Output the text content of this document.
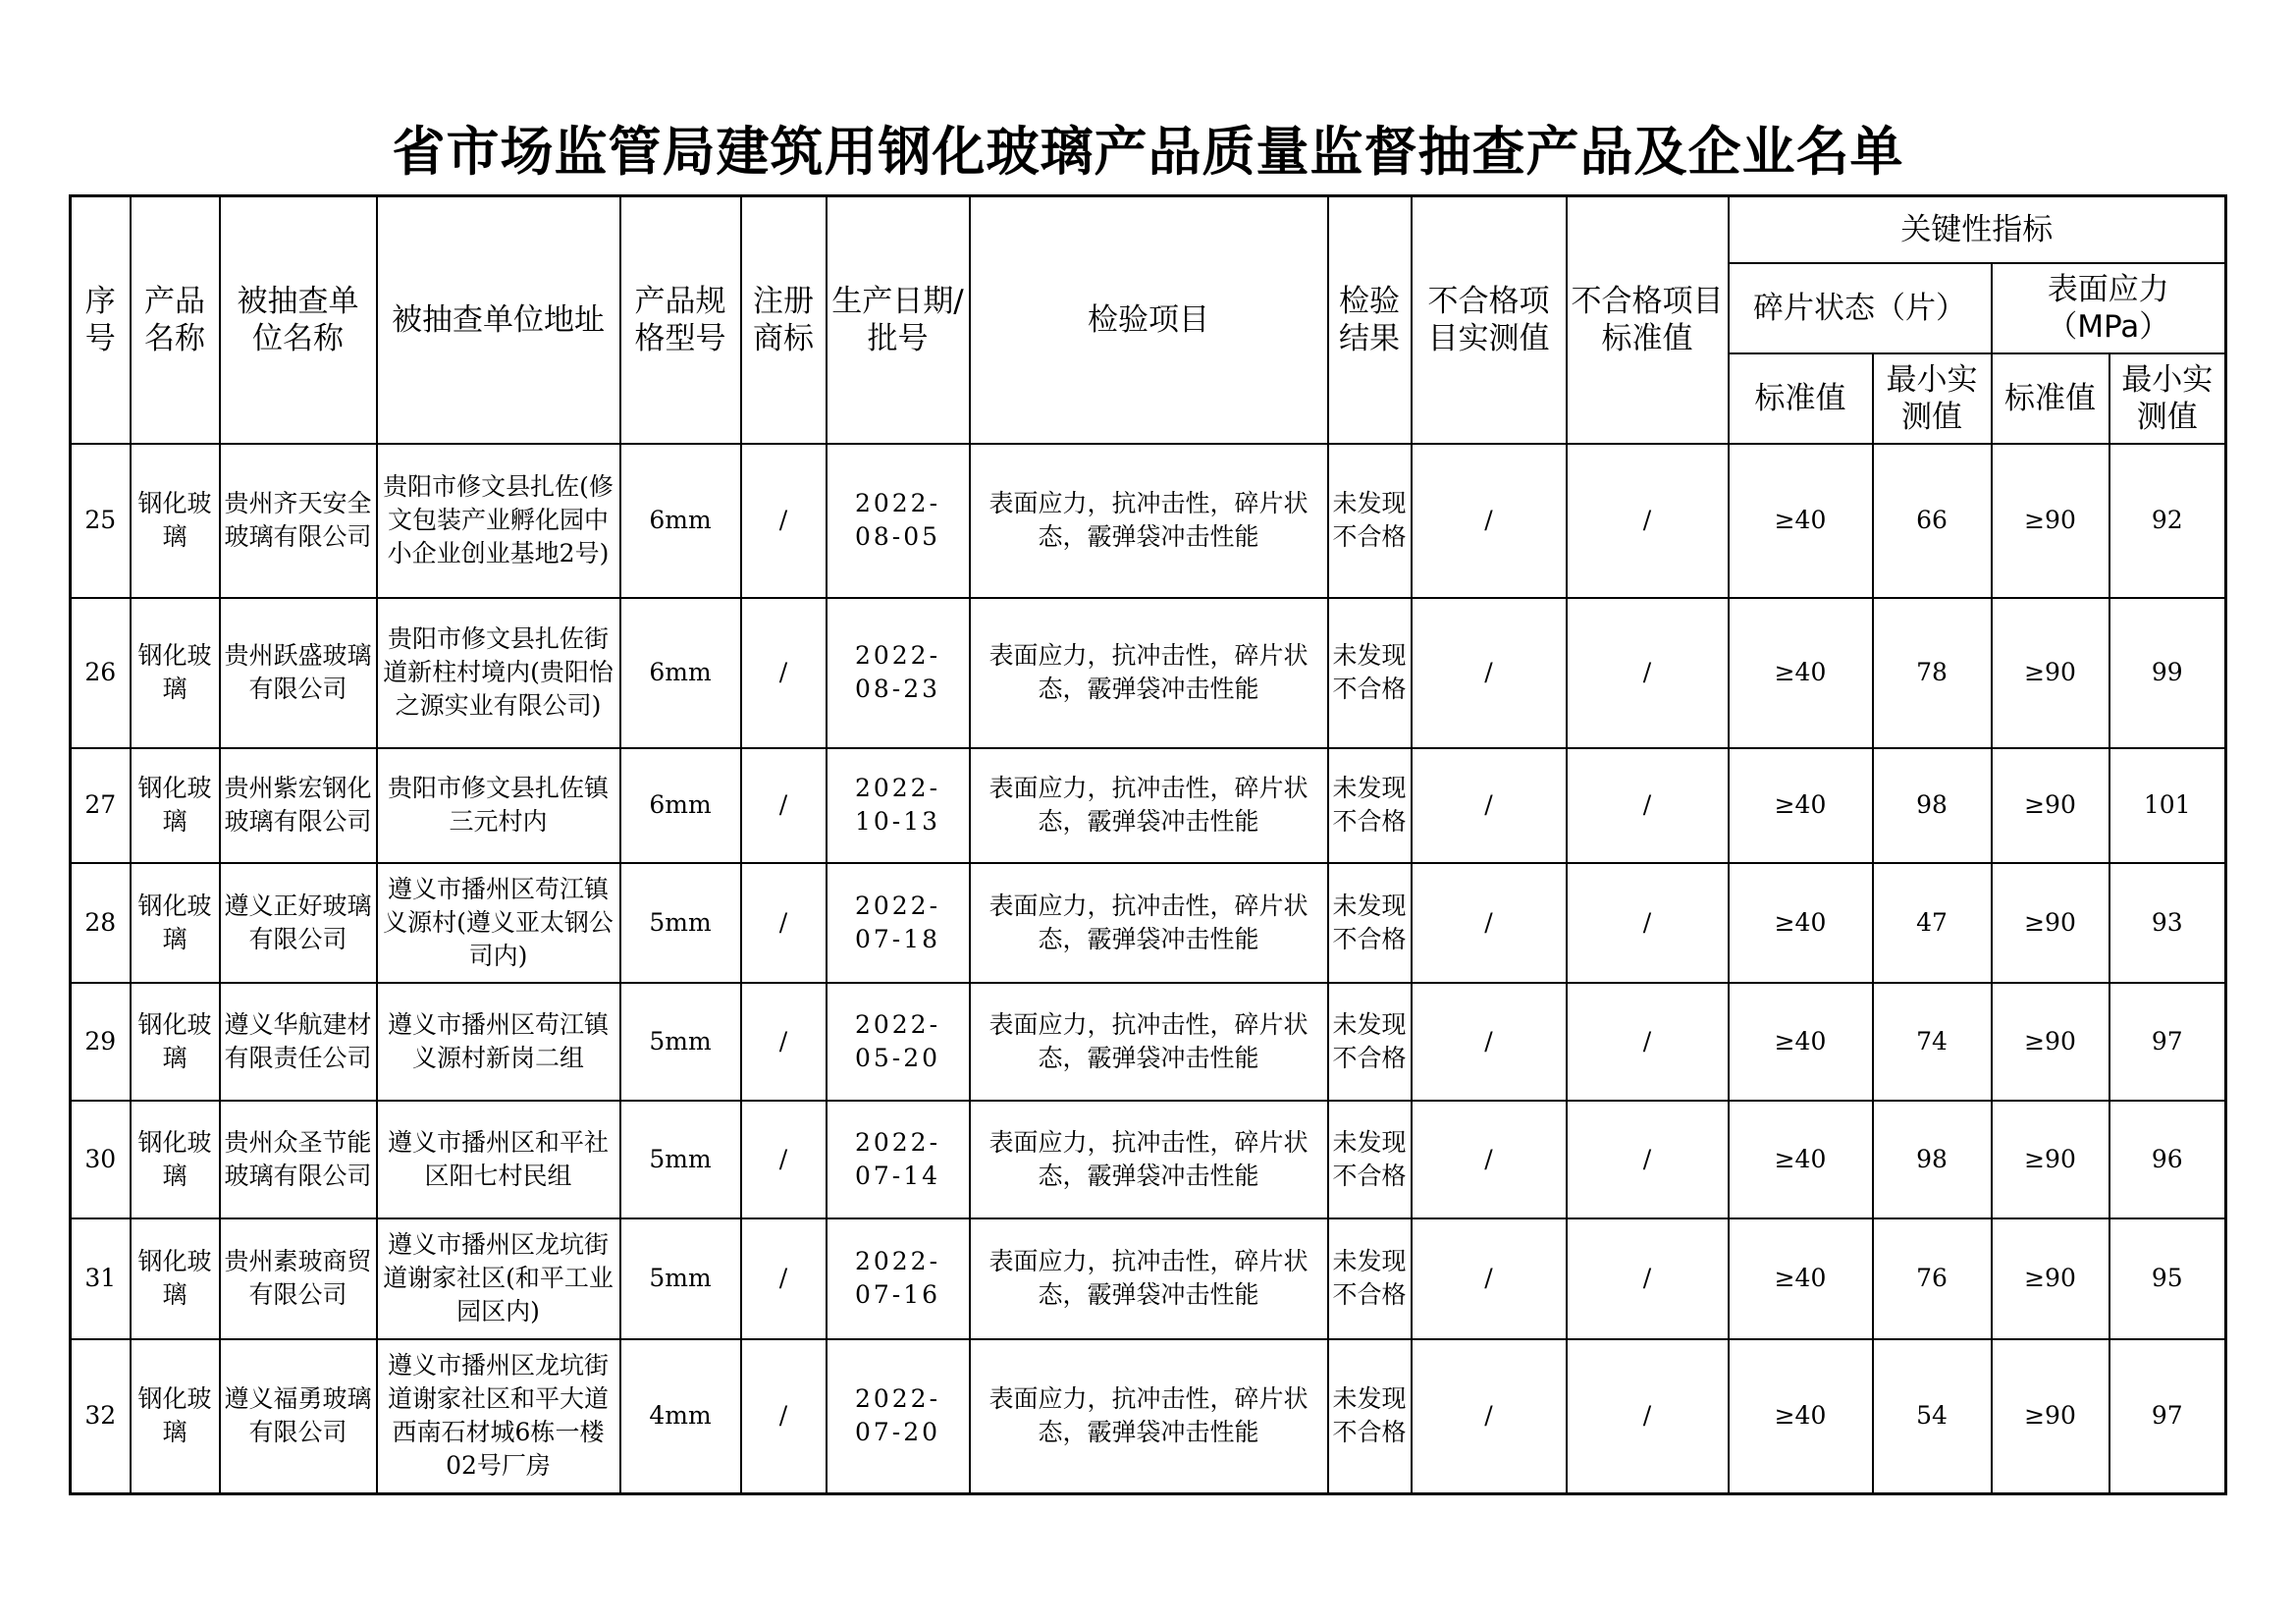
省市场监管局建筑用钢化玻璃产品质量监督抽查产品及企业名单
序号	产品名称	被抽查单位名称	被抽查单位地址	产品规格型号	注册商标	生产日期/批号	检验项目	检验结果	不合格项目实测值	不合格项目标准值	关键性指标			
											碎片状态（片）		表面应力（MPa）	
											标准值	最小实测值	标准值	最小实测值
25	钢化玻璃	贵州齐天安全玻璃有限公司	贵阳市修文县扎佐(修文包装产业孵化园中小企业创业基地2号)	6mm	/	2022-08-05	表面应力，抗冲击性，碎片状态，霰弹袋冲击性能	未发现不合格	/	/	≥40	66	≥90	92
26	钢化玻璃	贵州跃盛玻璃有限公司	贵阳市修文县扎佐街道新柱村境内(贵阳怡之源实业有限公司)	6mm	/	2022-08-23	表面应力，抗冲击性，碎片状态，霰弹袋冲击性能	未发现不合格	/	/	≥40	78	≥90	99
27	钢化玻璃	贵州紫宏钢化玻璃有限公司	贵阳市修文县扎佐镇三元村内	6mm	/	2022-10-13	表面应力，抗冲击性，碎片状态，霰弹袋冲击性能	未发现不合格	/	/	≥40	98	≥90	101
28	钢化玻璃	遵义正好玻璃有限公司	遵义市播州区苟江镇义源村(遵义亚太钢公司内)	5mm	/	2022-07-18	表面应力，抗冲击性，碎片状态，霰弹袋冲击性能	未发现不合格	/	/	≥40	47	≥90	93
29	钢化玻璃	遵义华航建材有限责任公司	遵义市播州区苟江镇义源村新岗二组	5mm	/	2022-05-20	表面应力，抗冲击性，碎片状态，霰弹袋冲击性能	未发现不合格	/	/	≥40	74	≥90	97
30	钢化玻璃	贵州众圣节能玻璃有限公司	遵义市播州区和平社区阳七村民组	5mm	/	2022-07-14	表面应力，抗冲击性，碎片状态，霰弹袋冲击性能	未发现不合格	/	/	≥40	98	≥90	96
31	钢化玻璃	贵州素玻商贸有限公司	遵义市播州区龙坑街道谢家社区(和平工业园区内)	5mm	/	2022-07-16	表面应力，抗冲击性，碎片状态，霰弹袋冲击性能	未发现不合格	/	/	≥40	76	≥90	95
32	钢化玻璃	遵义福勇玻璃有限公司	遵义市播州区龙坑街道谢家社区和平大道西南石材城6栋一楼02号厂房	4mm	/	2022-07-20	表面应力，抗冲击性，碎片状态，霰弹袋冲击性能	未发现不合格	/	/	≥40	54	≥90	97
